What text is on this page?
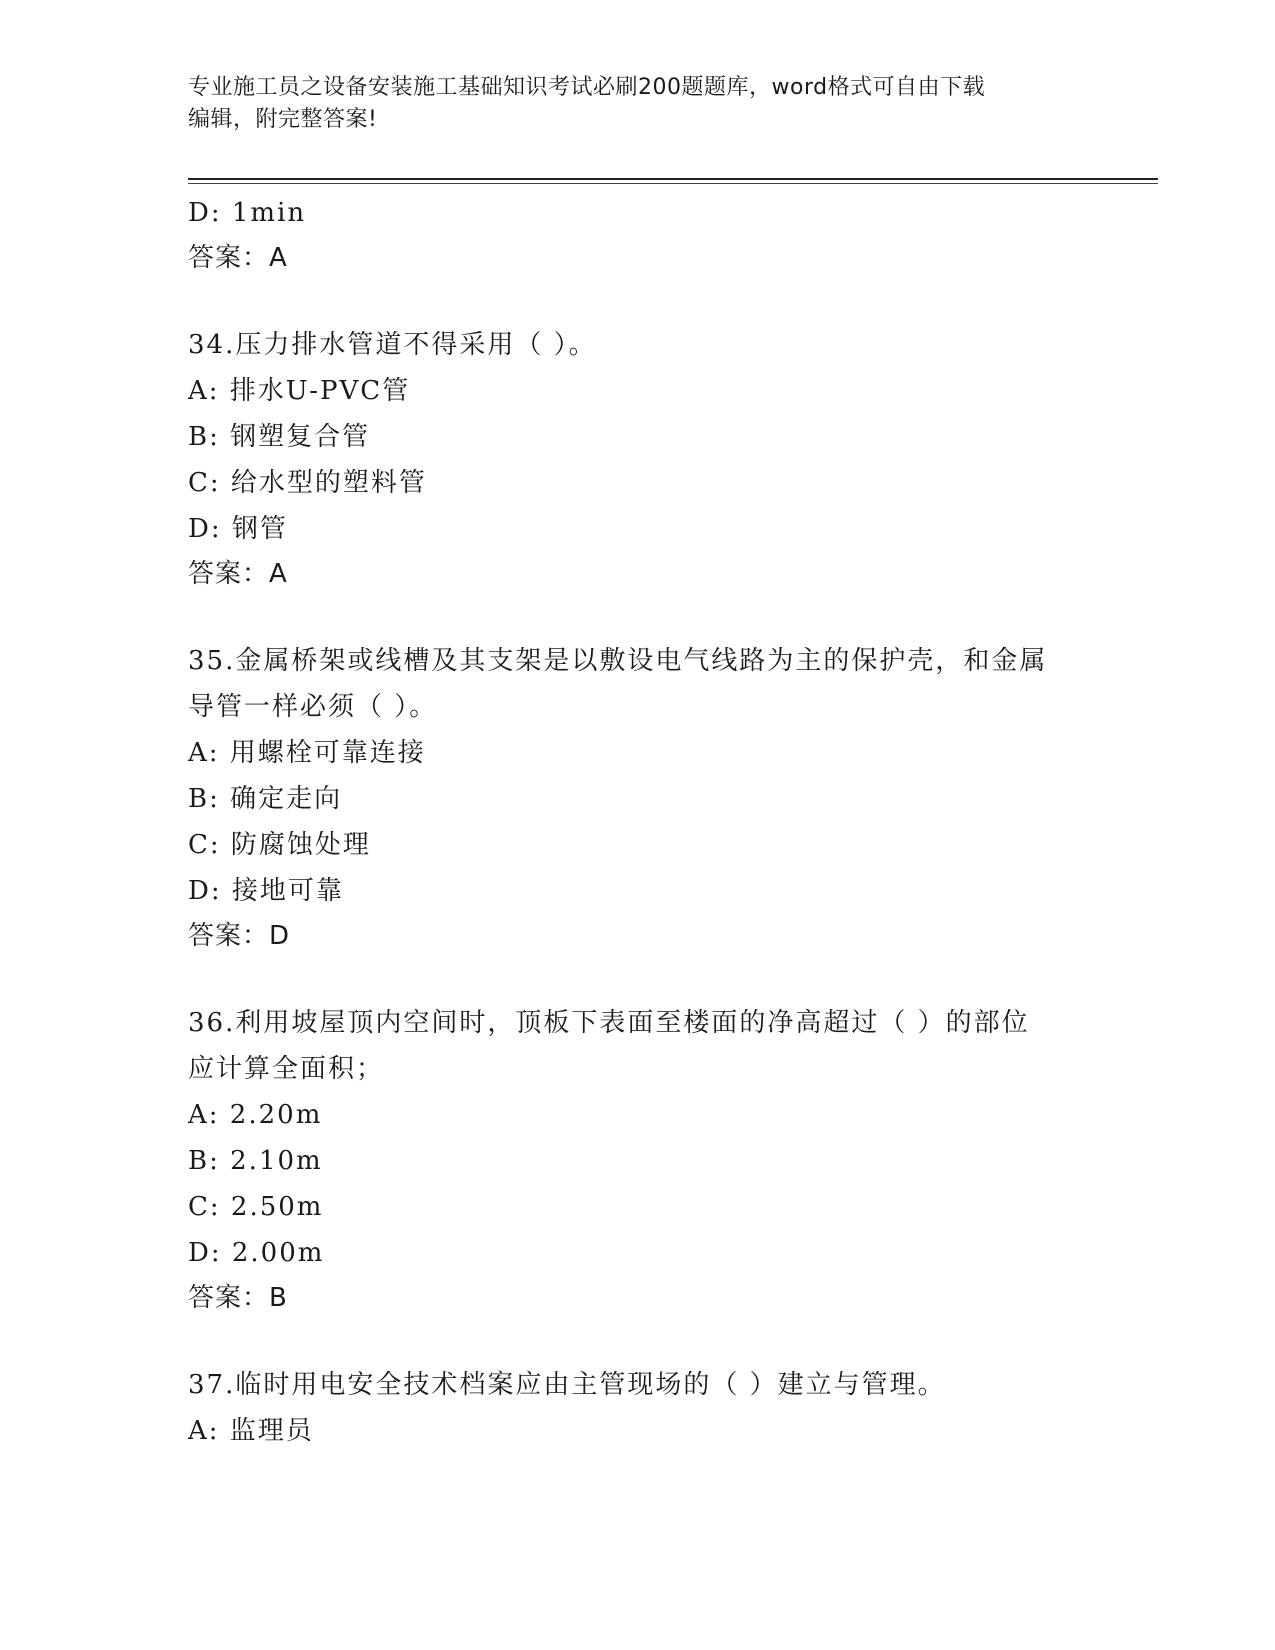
专业施工员之设备安装施工基础知识考试必刷200题题库，word格式可自由下载
编辑，附完整答案!
D: 1min
答案：A
34.压力排水管道不得采用（ ）。
A: 排水U-PVC管
B: 钢塑复合管
C: 给水型的塑料管
D: 钢管
答案：A
35.金属桥架或线槽及其支架是以敷设电气线路为主的保护壳，和金属
导管一样必须（ ）。
A: 用螺栓可靠连接
B: 确定走向
C: 防腐蚀处理
D: 接地可靠
答案：D
36.利用坡屋顶内空间时，顶板下表面至楼面的净高超过（ ）的部位
应计算全面积；
A: 2.20m
B: 2.10m
C: 2.50m
D: 2.00m
答案：B
37.临时用电安全技术档案应由主管现场的（ ）建立与管理。
A: 监理员
